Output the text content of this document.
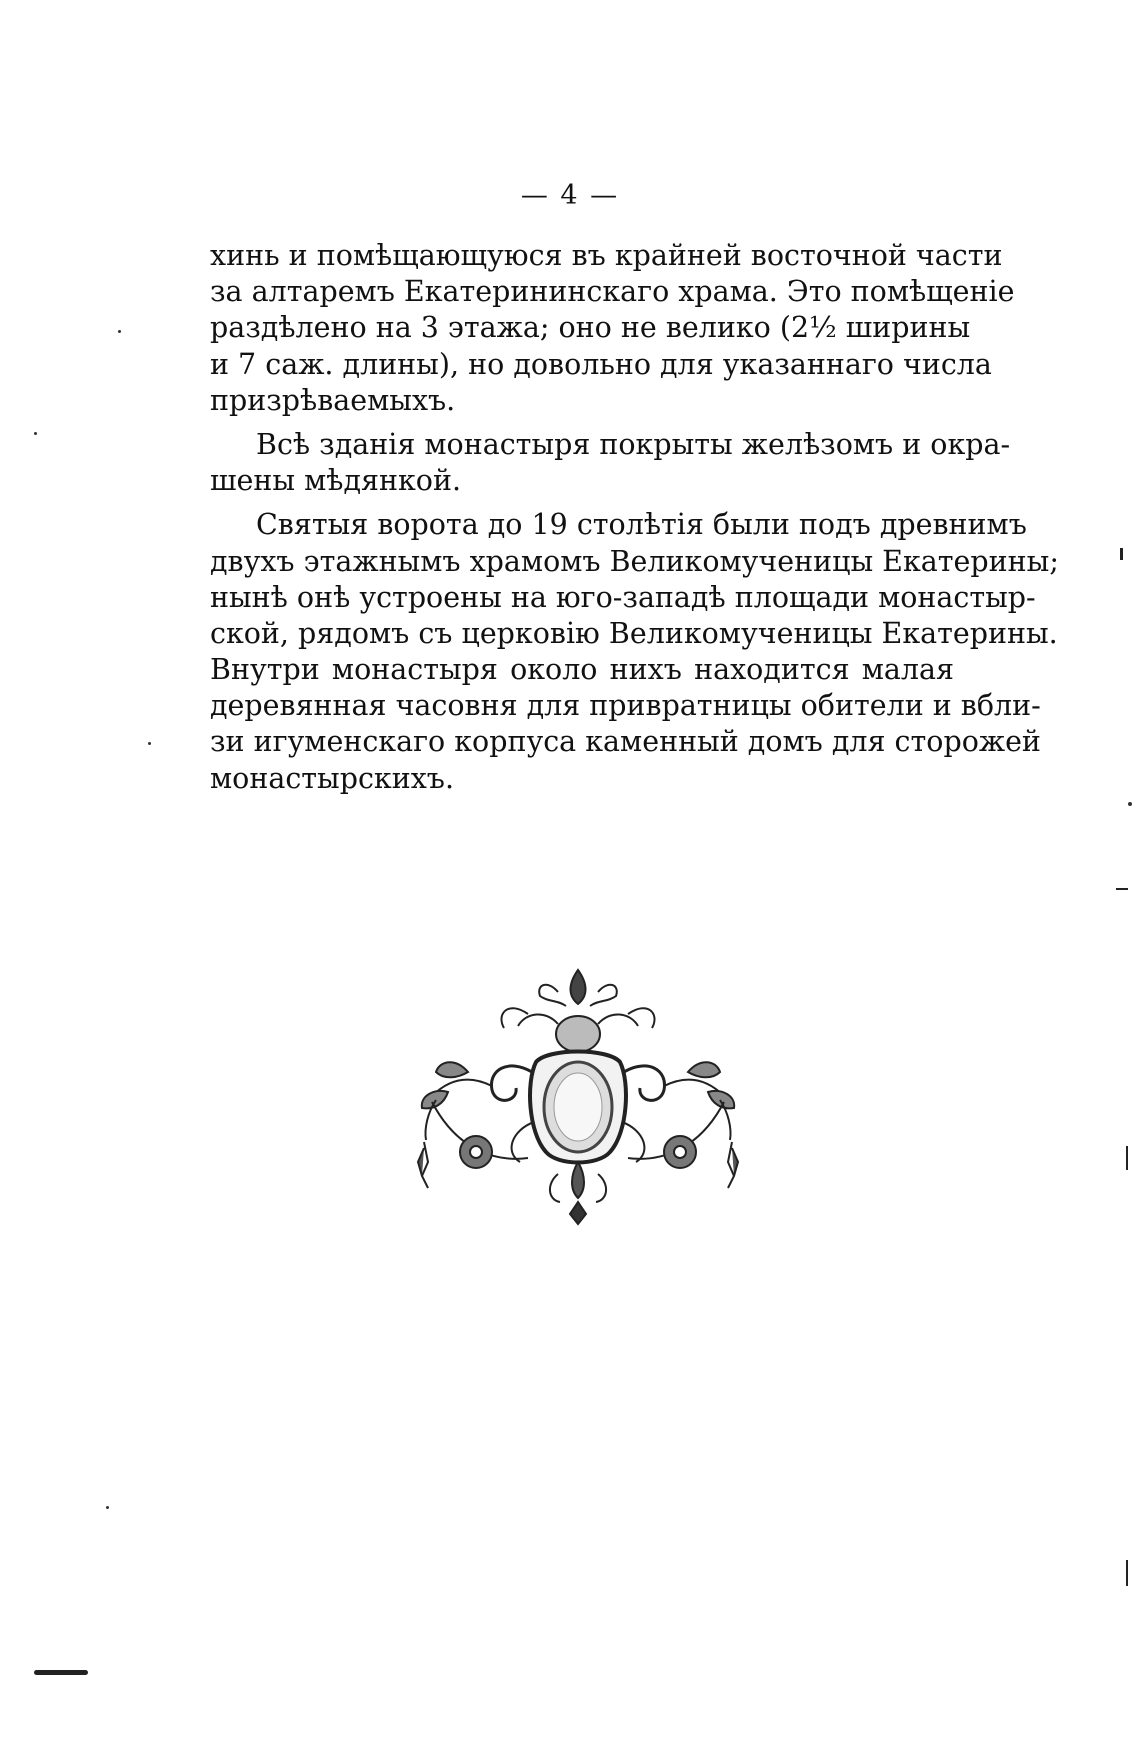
— 4 —
хинь и помѣщающуюся въ крайней восточной части
за алтаремъ Екатерининскаго храма. Это помѣщеніе
раздѣлено на 3 этажа; оно не велико (2½ ширины
и 7 саж. длины), но довольно для указаннаго числа
призрѣваемыхъ.
Всѣ зданія монастыря покрыты желѣзомъ и окра-
шены мѣдянкой.
Святыя ворота до 19 столѣтія были подъ древнимъ
двухъ этажнымъ храмомъ Великомученицы Екатерины;
нынѣ онѣ устроены на юго-западѣ площади монастыр-
ской, рядомъ съ церковію Великомученицы Екатерины.
Внутри монастыря около нихъ находится малая
деревянная часовня для привратницы обители и вбли-
зи игуменскаго корпуса каменный домъ для сторожей
монастырскихъ.
